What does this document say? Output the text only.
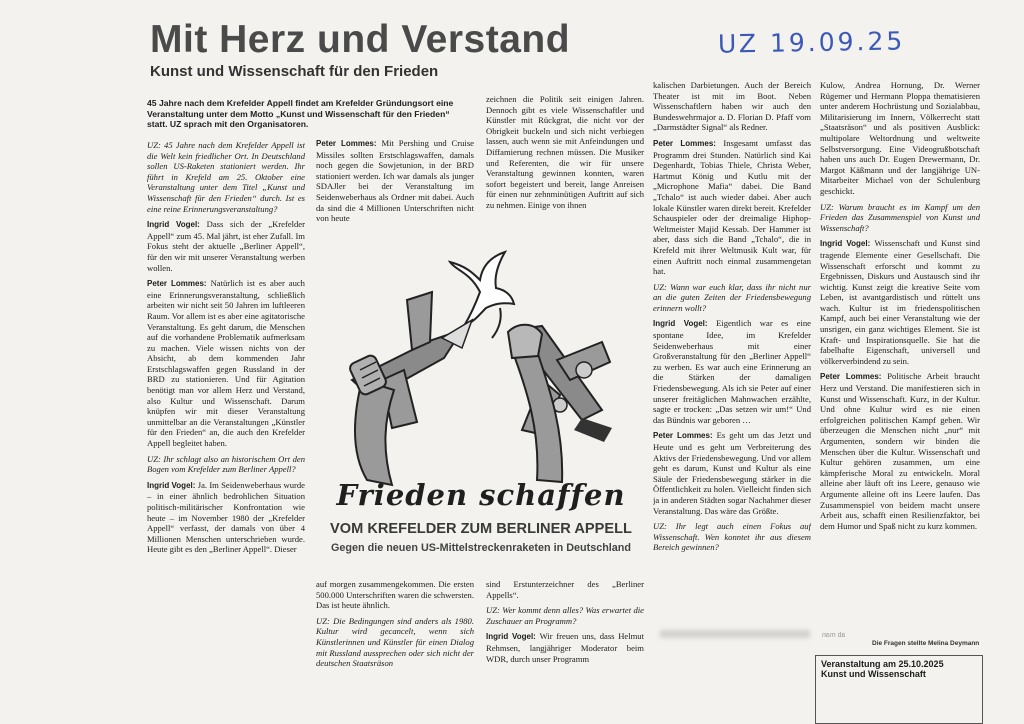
Mit Herz und Verstand
Kunst und Wissenschaft für den Frieden
UZ 19.09.25
45 Jahre nach dem Krefelder Appell findet am Krefelder Gründungsort eine Veranstaltung unter dem Motto „Kunst und Wissenschaft für den Frieden“ statt. UZ sprach mit den Organisatoren.

UZ: 45 Jahre nach dem Krefelder Appell ist die Welt kein friedlicher Ort. In Deutschland sollen US-Raketen stationiert werden. Ihr führt in Krefeld am 25. Oktober eine Veranstaltung unter dem Titel „Kunst und Wissenschaft für den Frieden“ durch. Ist es eine reine Erinnerungsveranstaltung?

Ingrid Vogel: Dass sich der „Krefelder Appell“ zum 45. Mal jährt, ist eher Zufall. Im Fokus steht der aktuelle „Berliner Appell“, für den wir mit unserer Veranstaltung werben wollen.

Peter Lommes: Natürlich ist es aber auch eine Erinnerungsveranstaltung, schließlich arbeiten wir nicht seit 50 Jahren im luftleeren Raum. Vor allem ist es aber eine agitatorische Veranstaltung. Es geht darum, die Menschen auf die vorhandene Problematik aufmerksam zu machen. Viele wissen nichts von der Absicht, ab dem kommenden Jahr Erstschlagswaffen gegen Russland in der BRD zu stationieren. Und für Agitation benötigt man vor allem Herz und Verstand, also Kultur und Wissenschaft. Darum knüpfen wir mit dieser Veranstaltung unmittelbar an die Veranstaltungen „Künstler für den Frieden“ an, die auch den Krefelder Appell begleitet haben.

UZ: Ihr schlagt also an historischem Ort den Bogen vom Krefelder zum Berliner Appell?

Ingrid Vogel: Ja. Im Seidenweberhaus wurde – in einer ähnlich bedrohlichen Situation politisch-militärischer Konfrontation wie heute – im November 1980 der „Krefelder Appell“ verfasst, der damals von über 4 Millionen Menschen unterschrieben wurde. Heute gibt es den „Berliner Appell“. Dieser

Peter Lommes: Mit Pershing und Cruise Missiles sollten Erstschlagswaffen, damals noch gegen die Sowjetunion, in der BRD stationiert werden. Ich war damals als junger SDAJler bei der Veranstaltung im Seidenweberhaus als Ordner mit dabei. Auch da sind die 4 Millionen Unterschriften nicht von heute

zeichnen die Politik seit einigen Jahren. Dennoch gibt es viele Wissenschaftler und Künstler mit Rückgrat, die nicht vor der Obrigkeit buckeln und sich nicht verbiegen lassen, auch wenn sie mit Anfeindungen und Diffamierung rechnen müssen. Die Musiker und Referenten, die wir für unsere Veranstaltung gewinnen konnten, waren sofort begeistert und bereit, lange Anreisen für einen nur zehnminütigen Auftritt auf sich zu nehmen. Einige von ihnen

kalischen Darbietungen. Auch der Bereich Theater ist mit im Boot. Neben Wissenschaftlern haben wir auch den Bundeswehrmajor a. D. Florian D. Pfaff vom „Darmstädter Signal“ als Redner.

Peter Lommes: Insgesamt umfasst das Programm drei Stunden. Natürlich sind Kai Degenhardt, Tobias Thiele, Christa Weber, Hartmut König und Kutlu mit der „Microphone Mafia“ dabei. Die Band „Tchalo“ ist auch wieder dabei. Aber auch lokale Künstler waren direkt bereit. Krefelder Schauspieler oder der dreimalige Hiphop-Weltmeister Majid Kessab. Der Hammer ist aber, dass sich die Band „Tchalo“, die in Krefeld mit ihrer Weltmusik Kult war, für einen Auftritt noch einmal zusammengetan hat.

UZ: Wann war euch klar, dass ihr nicht nur an die guten Zeiten der Friedensbewegung erinnern wollt?

Ingrid Vogel: Eigentlich war es eine spontane Idee, im Krefelder Seidenweberhaus mit einer Großveranstaltung für den „Berliner Appell“ zu werben. Es war auch eine Erinnerung an die Stärken der damaligen Friedensbewegung. Als ich sie Peter auf einer unserer freitäglichen Mahnwachen erzählte, sagte er trocken: „Das setzen wir um!“ Und das Bündnis war geboren …

Peter Lommes: Es geht um das Jetzt und Heute und es geht um Verbreiterung des Aktivs der Friedensbewegung. Und vor allem geht es darum, Kunst und Kultur als eine Säule der Friedensbewegung stärker in die Öffentlichkeit zu holen. Vielleicht finden sich ja in anderen Städten sogar Nachahmer dieser Veranstaltung. Das wäre das Größte.

UZ: Ihr legt auch einen Fokus auf Wissenschaft. Wen konntet ihr aus diesem Bereich gewinnen?

Kulow, Andrea Hornung, Dr. Werner Rügemer und Hermann Ploppa thematisieren unter anderem Hochrüstung und Sozialabbau, Militarisierung im Innern, Völkerrecht statt „Staatsräson“ und als positiven Ausblick: multipolare Weltordnung und weltweite Selbstversorgung. Eine Videogrußbotschaft haben uns auch Dr. Eugen Drewermann, Dr. Margot Käßmann und der langjährige UN-Mitarbeiter Michael von der Schulenburg geschickt.

UZ: Warum braucht es im Kampf um den Frieden das Zusammenspiel von Kunst und Wissenschaft?

Ingrid Vogel: Wissenschaft und Kunst sind tragende Elemente einer Gesellschaft. Die Wissenschaft erforscht und kommt zu Ergebnissen, Diskurs und Austausch sind ihr wichtig. Kunst zeigt die kreative Seite vom Leben, ist avantgardistisch und rüttelt uns wach. Kultur ist im friedenspolitischen Kampf, auch bei einer Veranstaltung wie der unsrigen, ein ganz wichtiges Element. Sie ist Kraft- und Inspirationsquelle. Sie hat die fabelhafte Eigenschaft, universell und völkerverbindend zu sein.

Peter Lommes: Politische Arbeit braucht Herz und Verstand. Die manifestieren sich in Kunst und Wissenschaft. Kurz, in der Kultur. Und ohne Kultur wird es nie einen erfolgreichen politischen Kampf geben. Wir überzeugen die Menschen nicht „nur“ mit Argumenten, sondern wir binden die Menschen über die Kultur. Wissenschaft und Kultur gehören zusammen, um eine kämpferische Moral zu entwickeln. Moral alleine aber läuft oft ins Leere, genauso wie Argumente alleine oft ins Leere laufen. Das Zusammenspiel von beidem macht unsere Arbeit aus, schafft einen Resilienzfaktor, bei dem Humor und Spaß nicht zu kurz kommen.

auf morgen zusammengekommen. Die ersten 500.000 Unterschriften waren die schwersten. Das ist heute ähnlich.

UZ: Die Bedingungen sind anders als 1980. Kultur wird gecancelt, wenn sich Künstlerinnen und Künstler für einen Dialog mit Russland aussprechen oder sich nicht der deutschen Staatsräson

sind Erstunterzeichner des „Berliner Appells“.

UZ: Wer kommt denn alles? Was erwartet die Zuschauer an Programm?

Ingrid Vogel: Wir freuen uns, dass Helmut Rehmsen, langjähriger Moderator beim WDR, durch unser Programm

Frieden schaffen
VOM KREFELDER ZUM BERLINER APPELL
Gegen die neuen US-Mittelstreckenraketen in Deutschland
ab man
Die Fragen stellte Melina Deymann
Veranstaltung am 25.10.2025
Kunst und Wissenschaft
